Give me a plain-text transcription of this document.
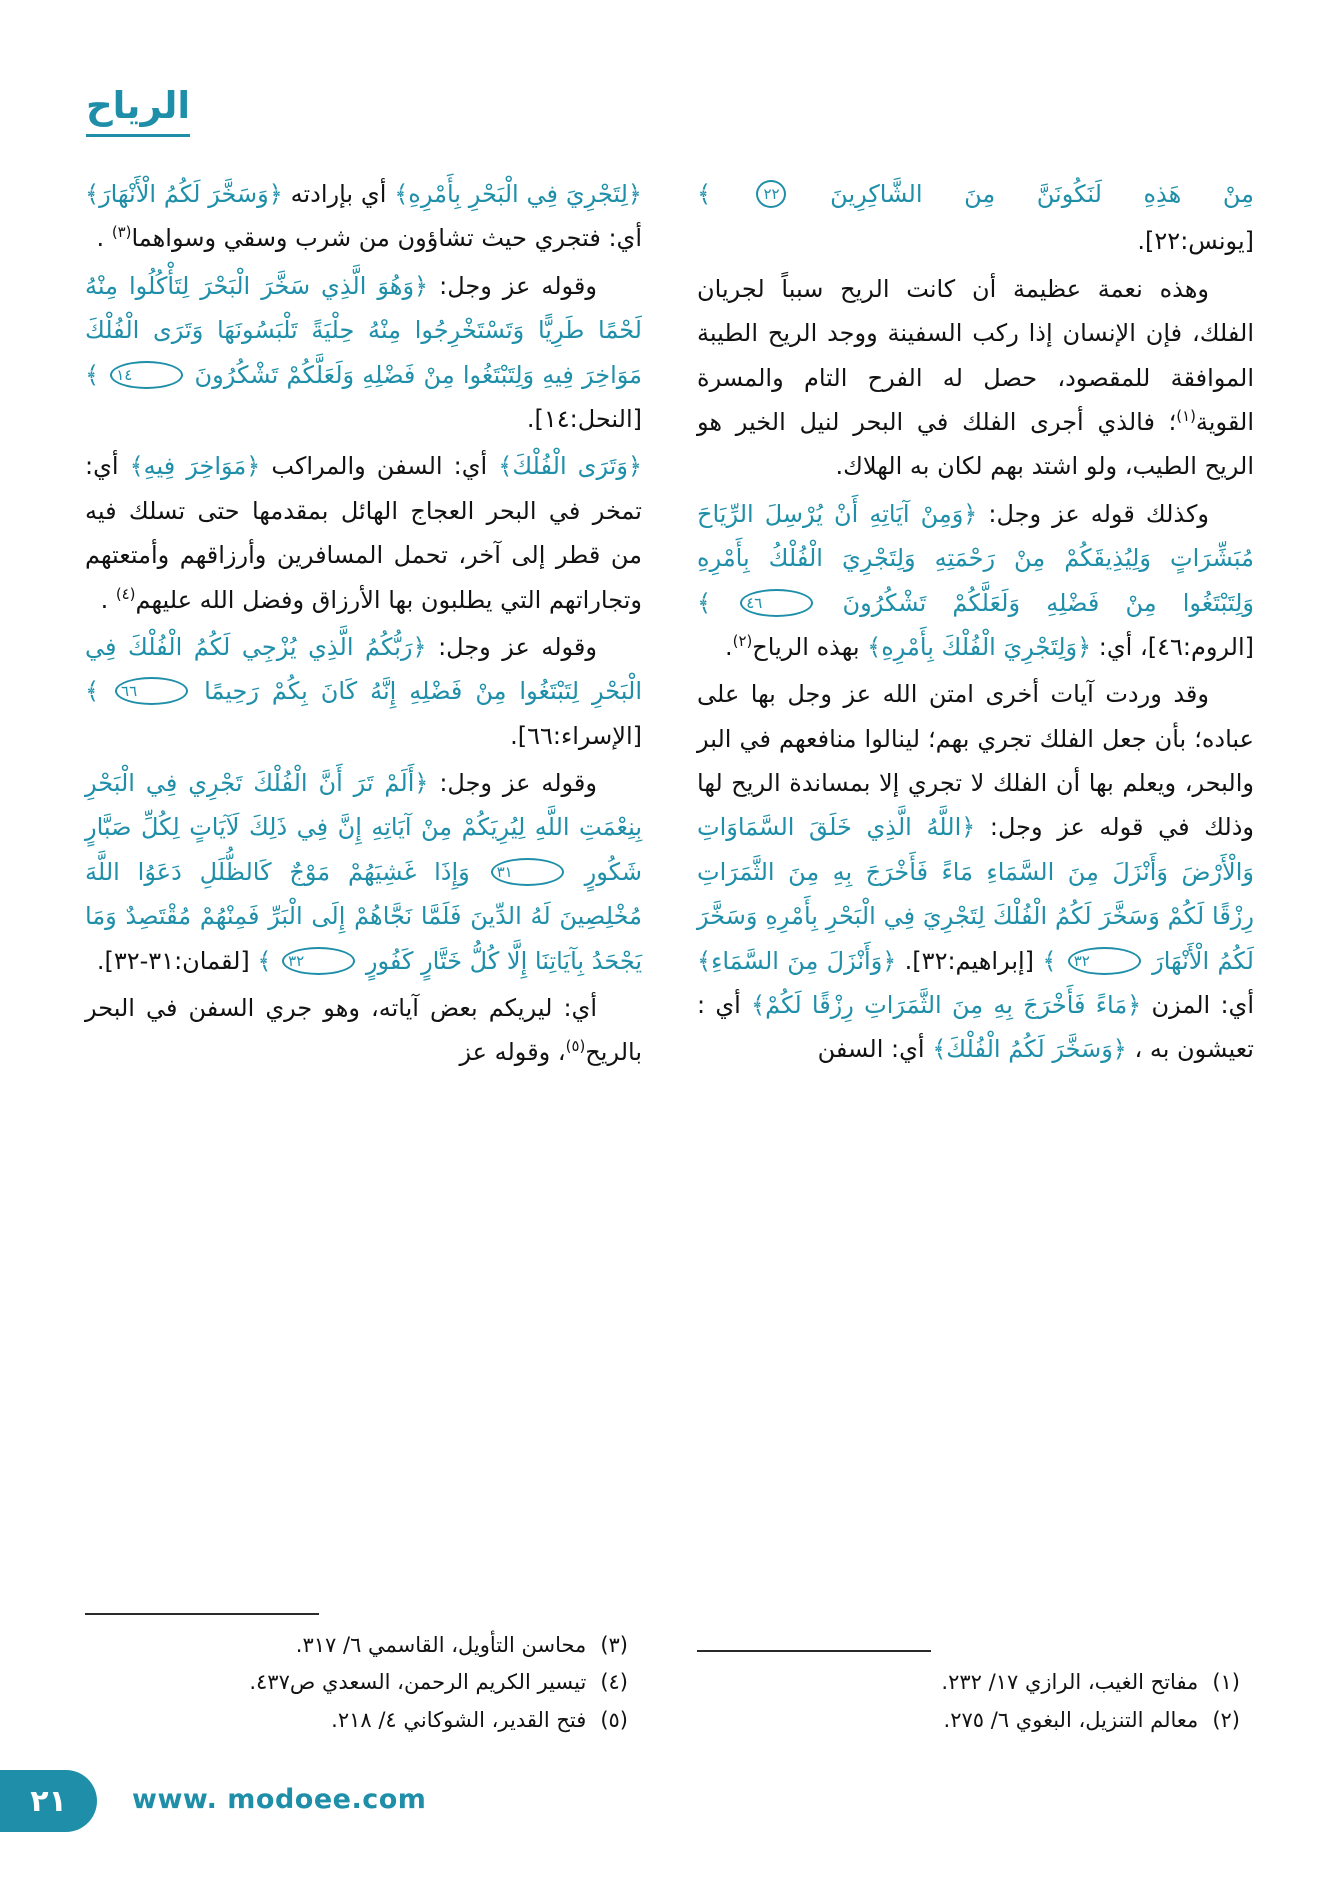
الرياح

مِنْ هَذِهِ لَنَكُونَنَّ مِنَ الشَّاكِرِينَ ٢٢ ﴾

[يونس:٢٢].

وهذه نعمة عظيمة أن كانت الريح سبباً لجريان الفلك، فإن الإنسان إذا ركب السفينة ووجد الريح الطيبة الموافقة للمقصود، حصل له الفرح التام والمسرة القوية$^{(١)}$؛ فالذي أجرى الفلك في البحر لنيل الخير هو الريح الطيب، ولو اشتد بهم لكان به الهلاك.

وكذلك قوله عز وجل: ﴿وَمِنْ آيَاتِهِ أَنْ يُرْسِلَ الرِّيَاحَ مُبَشِّرَاتٍ وَلِيُذِيقَكُمْ مِنْ رَحْمَتِهِ وَلِتَجْرِيَ الْفُلْكُ بِأَمْرِهِ وَلِتَبْتَغُوا مِنْ فَضْلِهِ وَلَعَلَّكُمْ تَشْكُرُونَ ٤٦ ﴾ [الروم:٤٦]، أي: ﴿وَلِتَجْرِيَ الْفُلْكَ بِأَمْرِهِ﴾ بهذه الرياح$^{(٢)}$.

وقد وردت آيات أخرى امتن الله عز وجل بها على عباده؛ بأن جعل الفلك تجري بهم؛ لينالوا منافعهم في البر والبحر، ويعلم بها أن الفلك لا تجري إلا بمساندة الريح لها وذلك في قوله عز وجل: ﴿اللَّهُ الَّذِي خَلَقَ السَّمَاوَاتِ وَالْأَرْضَ وَأَنْزَلَ مِنَ السَّمَاءِ مَاءً فَأَخْرَجَ بِهِ مِنَ الثَّمَرَاتِ رِزْقًا لَكُمْ وَسَخَّرَ لَكُمُ الْفُلْكَ لِتَجْرِيَ فِي الْبَحْرِ بِأَمْرِهِ وَسَخَّرَ لَكُمُ الْأَنْهَارَ ٣٢ ﴾ [إبراهيم:٣٢]. ﴿وَأَنْزَلَ مِنَ السَّمَاءِ﴾ أي: المزن ﴿مَاءً فَأَخْرَجَ بِهِ مِنَ الثَّمَرَاتِ رِزْقًا لَكُمْ﴾ أي : تعيشون به ، ﴿وَسَخَّرَ لَكُمُ الْفُلْكَ﴾ أي: السفن

(١)مفاتح الغيب، الرازي ١٧/ ٢٣٢.
(٢)معالم التنزيل، البغوي ٦/ ٢٧٥.

﴿لِتَجْرِيَ فِي الْبَحْرِ بِأَمْرِهِ﴾ أي بإرادته ﴿وَسَخَّرَ لَكُمُ الْأَنْهَارَ﴾ أي: فتجري حيث تشاؤون من شرب وسقي وسواهما$^{(٣)}$ .

وقوله عز وجل: ﴿وَهُوَ الَّذِي سَخَّرَ الْبَحْرَ لِتَأْكُلُوا مِنْهُ لَحْمًا طَرِيًّا وَتَسْتَخْرِجُوا مِنْهُ حِلْيَةً تَلْبَسُونَهَا وَتَرَى الْفُلْكَ مَوَاخِرَ فِيهِ وَلِتَبْتَغُوا مِنْ فَضْلِهِ وَلَعَلَّكُمْ تَشْكُرُونَ ١٤ ﴾ [النحل:١٤].

﴿وَتَرَى الْفُلْكَ﴾ أي: السفن والمراكب ﴿مَوَاخِرَ فِيهِ﴾ أي: تمخر في البحر العجاج الهائل بمقدمها حتى تسلك فيه من قطر إلى آخر، تحمل المسافرين وأرزاقهم وأمتعتهم وتجاراتهم التي يطلبون بها الأرزاق وفضل الله عليهم$^{(٤)}$ .

وقوله عز وجل: ﴿رَبُّكُمُ الَّذِي يُزْجِي لَكُمُ الْفُلْكَ فِي الْبَحْرِ لِتَبْتَغُوا مِنْ فَضْلِهِ إِنَّهُ كَانَ بِكُمْ رَحِيمًا ٦٦ ﴾ [الإسراء:٦٦].

وقوله عز وجل: ﴿أَلَمْ تَرَ أَنَّ الْفُلْكَ تَجْرِي فِي الْبَحْرِ بِنِعْمَتِ اللَّهِ لِيُرِيَكُمْ مِنْ آيَاتِهِ إِنَّ فِي ذَلِكَ لَآيَاتٍ لِكُلِّ صَبَّارٍ شَكُورٍ ٣١ وَإِذَا غَشِيَهُمْ مَوْجٌ كَالظُّلَلِ دَعَوُا اللَّهَ مُخْلِصِينَ لَهُ الدِّينَ فَلَمَّا نَجَّاهُمْ إِلَى الْبَرِّ فَمِنْهُمْ مُقْتَصِدٌ وَمَا يَجْحَدُ بِآيَاتِنَا إِلَّا كُلُّ خَتَّارٍ كَفُورٍ ٣٢ ﴾ [لقمان:٣١-٣٢].

أي: ليريكم بعض آياته، وهو جري السفن في البحر بالريح$^{(٥)}$، وقوله عز

(٣)محاسن التأويل، القاسمي ٦/ ٣١٧.
(٤)تيسير الكريم الرحمن، السعدي ص٤٣٧.
(٥)فتح القدير، الشوكاني ٤/ ٢١٨.
٢١ www. modoee.com
